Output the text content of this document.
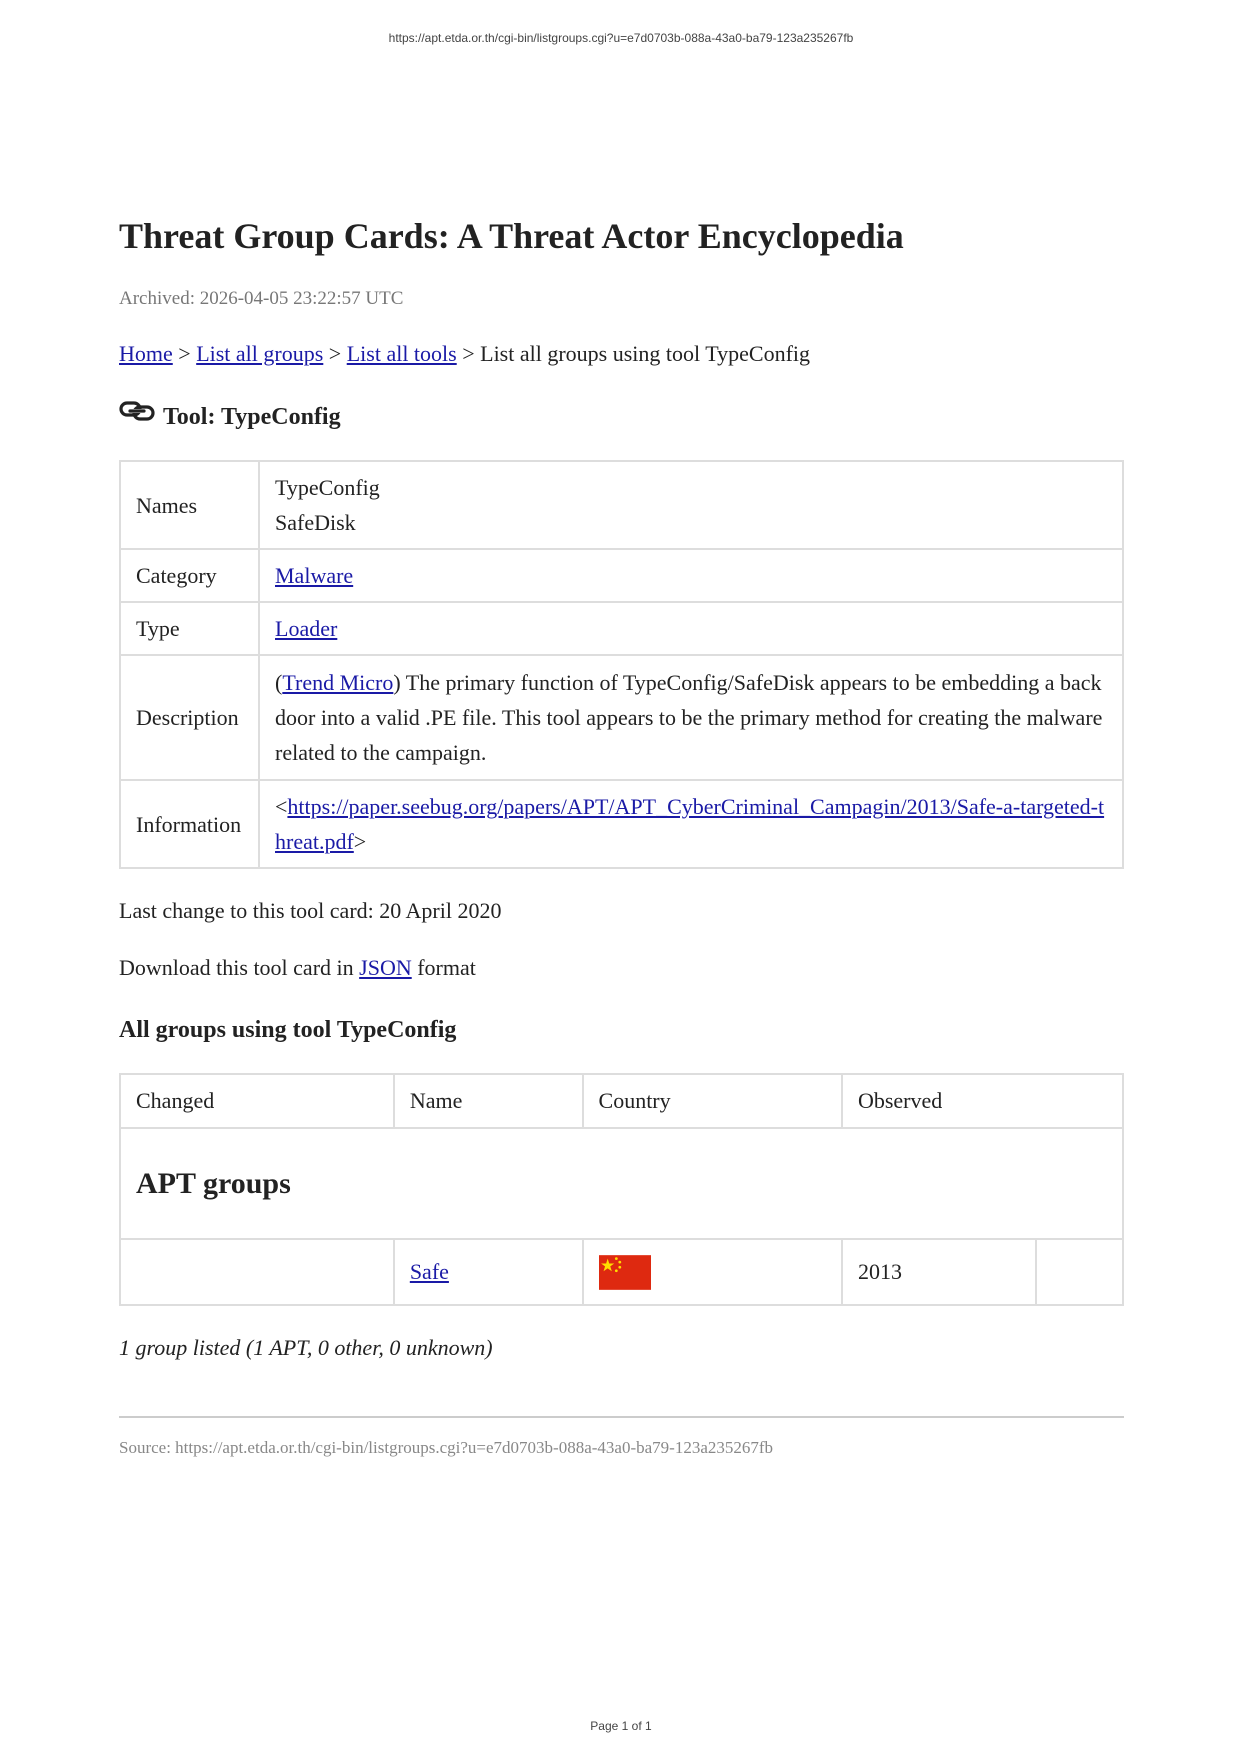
https://apt.etda.or.th/cgi-bin/listgroups.cgi?u=e7d0703b-088a-43a0-ba79-123a235267fb
Threat Group Cards: A Threat Actor Encyclopedia
Archived: 2026-04-05 23:22:57 UTC
Home > List all groups > List all tools > List all groups using tool TypeConfig
Tool: TypeConfig
Names	TypeConfig
SafeDisk

Category	Malware
Type	Loader
Description	(Trend Micro) The primary function of TypeConfig/SafeDisk appears to be embedding a backdoor into a valid .PE file. This tool appears to be the primary method for creating the malware related to the campaign.
Information	<https://paper.seebug.org/papers/APT/APT_CyberCriminal_Campagin/2013/Safe-a-targeted-threat.pdf>
Last change to this tool card: 20 April 2020
Download this tool card in JSON format
All groups using tool TypeConfig
Changed	Name	Country	Observed	
APT groups				
	Safe		2013	
1 group listed (1 APT, 0 other, 0 unknown)
Source: https://apt.etda.or.th/cgi-bin/listgroups.cgi?u=e7d0703b-088a-43a0-ba79-123a235267fb
Page 1 of 1
